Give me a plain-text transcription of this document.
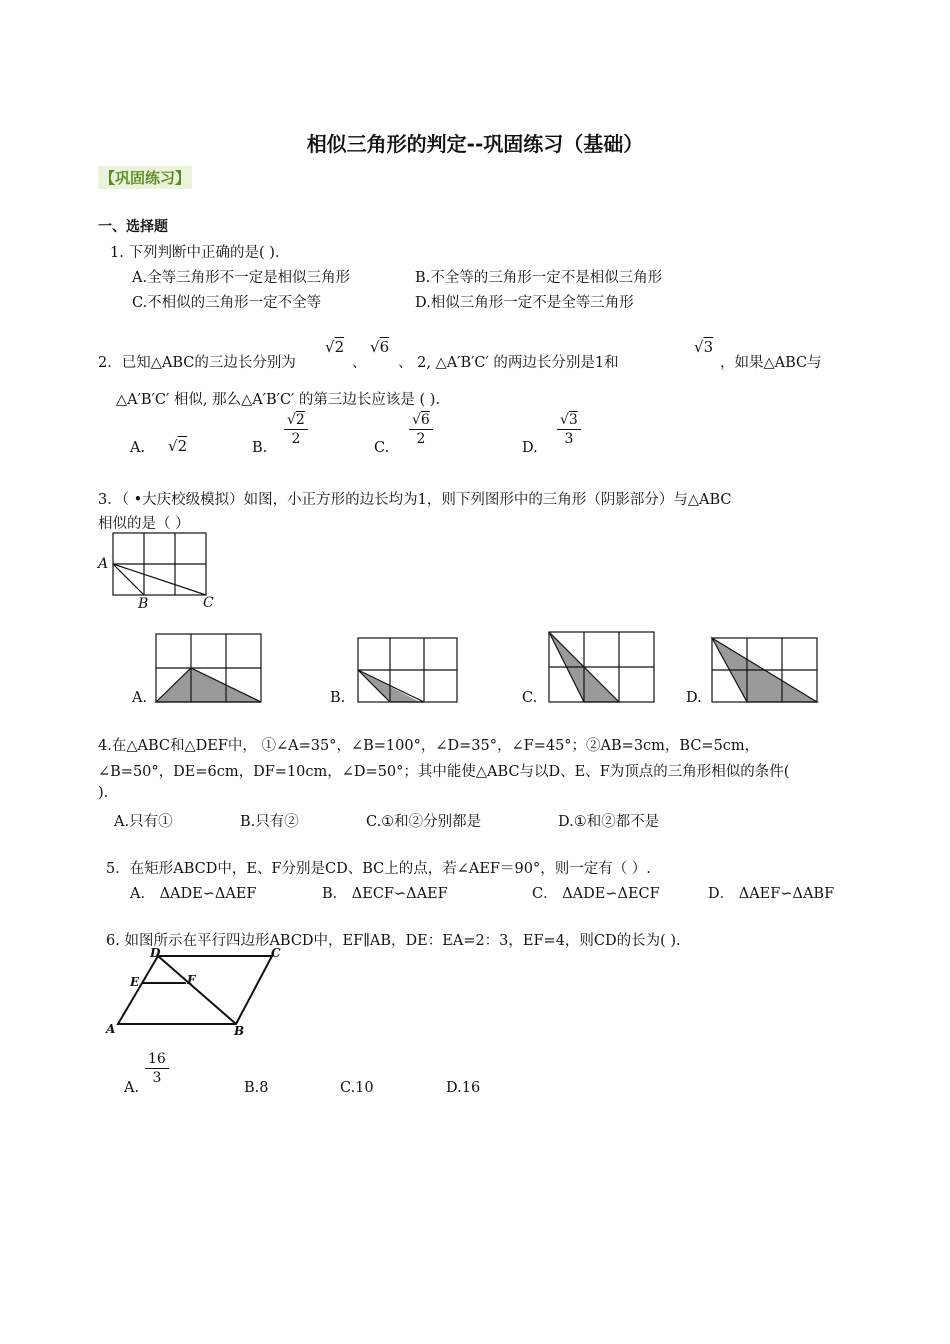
相似三角形的判定--巩固练习（基础）
【巩固练习】
一、选择题
1. 下列判断中正确的是( ).
A.全等三角形不一定是相似三角形	B.不全等的三角形一定不是相似三角形
C.不相似的三角形一定不全等	D.相似三角形一定不是全等三角形
2．已知△ABC的三边长分别为
√2
、
√6
、 2, △A′B′C′ 的两边长分别是1和
√3
，如果△ABC与
△A′B′C′ 相似, 那么△A′B′C′ 的第三边长应该是 ( ).
A. √2	B.
$\frac{√2}{2}$
C.
$\frac{√6}{2}$
D.
$\frac{√3}{3}$
3．（ •大庆校级模拟）如图，小正方形的边长均为1，则下列图形中的三角形（阴影部分）与△ABC
相似的是（ ）
A
B	C
A.	B.	C.	D.
4.在△ABC和△DEF中， ①∠A=35°，∠B=100°，∠D=35°，∠F=45°；②AB=3cm，BC=5cm，
∠B=50°，DE=6cm，DF=10cm，∠D=50°；其中能使△ABC与以D、E、F为顶点的三角形相似的条件(
).
A.只有①	B.只有②	C.①和②分别都是	D.①和②都不是
5．在矩形ABCD中，E、F分别是CD、BC上的点，若∠AEF＝90°，则一定有（ ）.
A． ΔADE∽ΔAEF	B． ΔECF∽ΔAEF	C． ΔADE∽ΔECF	D． ΔAEF∽ΔABF
6. 如图所示在平行四边形ABCD中，EF∥AB，DE：EA=2：3，EF=4，则CD的长为( ).
D	C
E	F
A	B
A.
$\frac{16}{3}$
B.8	C.10	D.16
